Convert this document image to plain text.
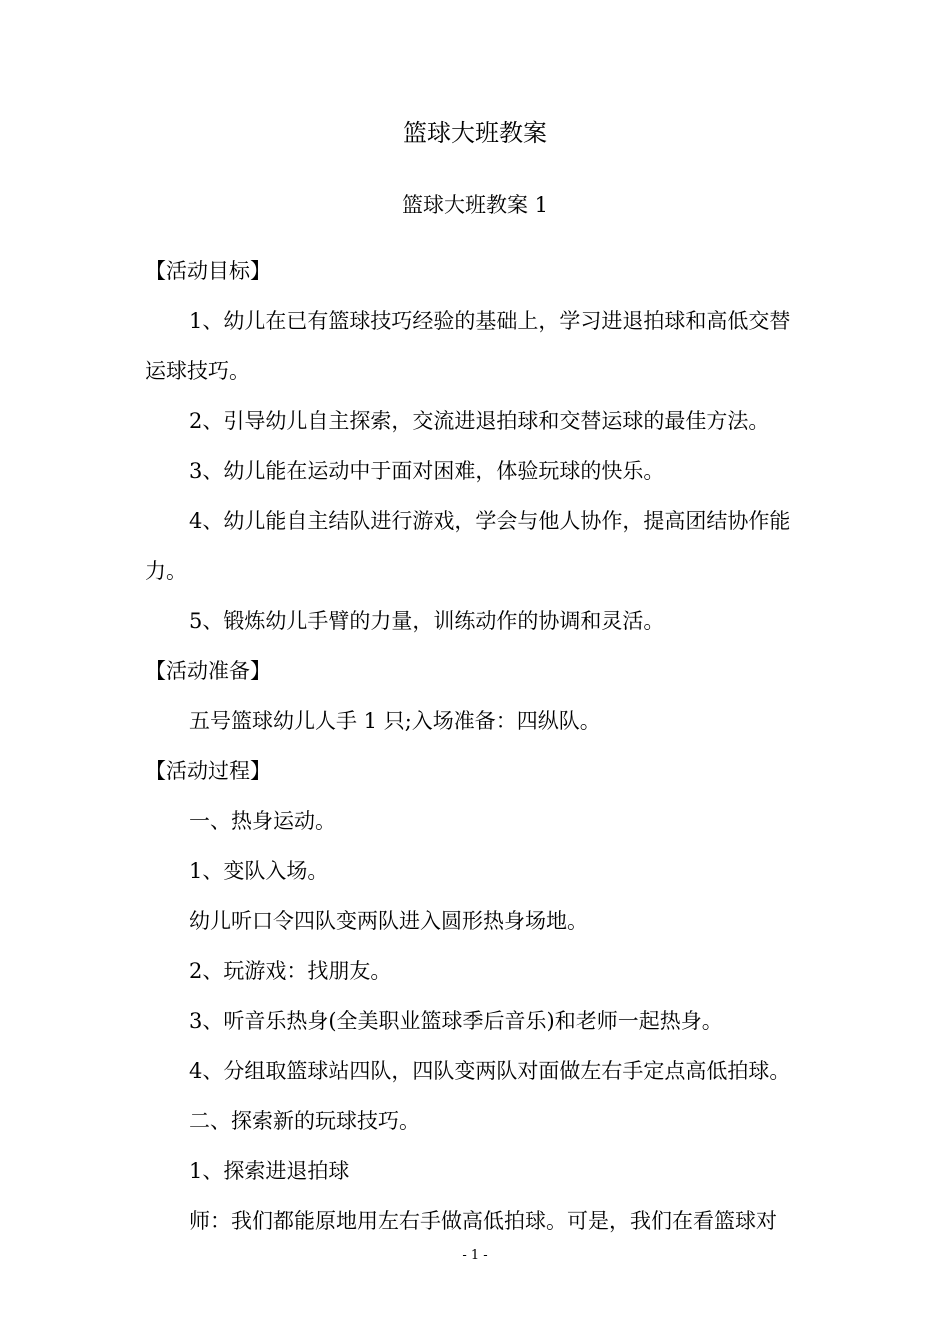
篮球大班教案
篮球大班教案 1

【活动目标】

1、幼儿在已有篮球技巧经验的基础上，学习进退拍球和高低交替运球技巧。

2、引导幼儿自主探索，交流进退拍球和交替运球的最佳方法。

3、幼儿能在运动中于面对困难，体验玩球的快乐。

4、幼儿能自主结队进行游戏，学会与他人协作，提高团结协作能力。

5、锻炼幼儿手臂的力量，训练动作的协调和灵活。

【活动准备】

五号篮球幼儿人手 1 只;入场准备：四纵队。

【活动过程】

一、热身运动。

1、变队入场。

幼儿听口令四队变两队进入圆形热身场地。

2、玩游戏：找朋友。

3、听音乐热身(全美职业篮球季后音乐)和老师一起热身。

4、分组取篮球站四队，四队变两队对面做左右手定点高低拍球。

二、探索新的玩球技巧。

1、探索进退拍球

师：我们都能原地用左右手做高低拍球。可是，我们在看篮球对

- 1 -
